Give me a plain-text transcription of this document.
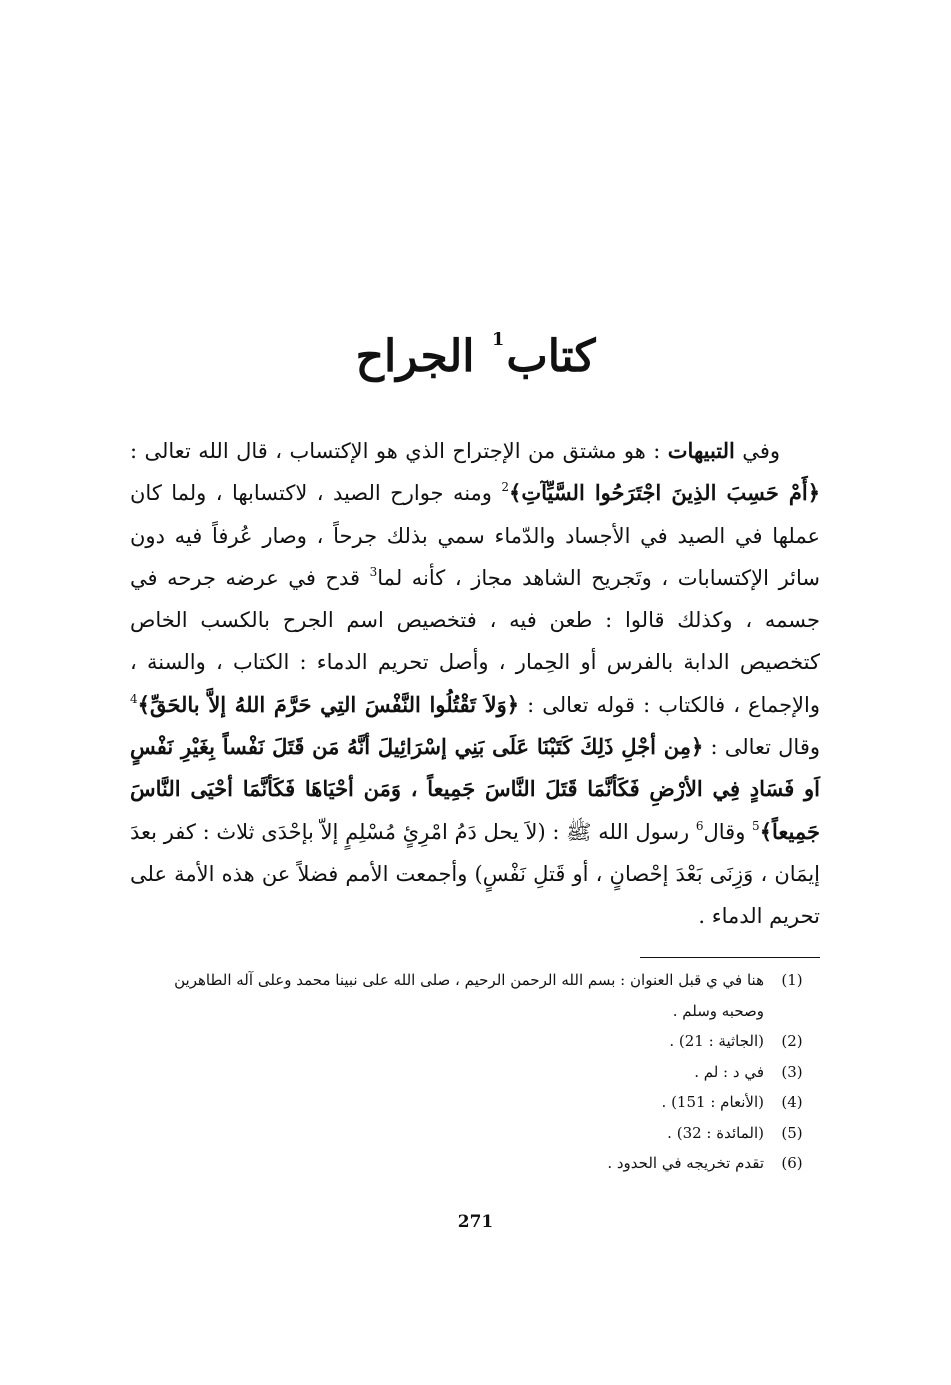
كتاب$^1$ الجراح

وفي التبيهات : هو مشتق من الإجتراح الذي هو الإكتساب ، قال الله تعالى : ﴿أَمْ حَسِبَ الذِينَ اجْتَرَحُوا السَّيِّآتِ﴾$^2$ ومنه جوارح الصيد ، لاكتسابها ، ولما كان عملها في الصيد في الأجساد والدّماء سمي بذلك جرحاً ، وصار عُرفاً فيه دون سائر الإكتسابات ، وتَجريح الشاهد مجاز ، كأنه لما$^3$ قدح في عرضه جرحه في جسمه ، وكذلك قالوا : طعن فيه ، فتخصيص اسم الجرح بالكسب الخاص كتخصيص الدابة بالفرس أو الحِمار ، وأصل تحريم الدماء : الكتاب ، والسنة ، والإجماع ، فالكتاب : قوله تعالى : ﴿وَلاَ تَقْتُلُوا النَّفْسَ التِي حَرَّمَ اللهُ إلاَّ بالحَقِّ﴾$^4$ وقال تعالى : ﴿مِن أجْلِ ذَلِكَ كَتَبْنَا عَلَى بَنِي إسْرَائِيلَ أنَّهُ مَن قَتَلَ نَفْساً بِغَيْرِ نَفْسٍ اَو فَسَادٍ فِي الأرْضِ فَكَأنَّمَا قَتَلَ النَّاسَ جَمِيعاً ، وَمَن أحْيَاهَا فَكَأنَّمَا أحْيَى النَّاسَ جَمِيعاً﴾$^5$ وقال$^6$ رسول الله ﷺ : (لاَ يحل دَمُ امْرِئٍ مُسْلِمٍ إلاّ بإحْدَى ثلاث : كفر بعدَ إيمَان ، وَزِنَى بَعْدَ إحْصانٍ ، أو قَتلِ نَفْسٍ) وأجمعت الأمم فضلاً عن هذه الأمة على تحريم الدماء .

(1)
هنا في ي قبل العنوان : بسم الله الرحمن الرحيم ، صلى الله على نبينا محمد وعلى آله الطاهرين وصحبه وسلم .
(2)
(الجاثية : 21) .
(3)
في د : لم .
(4)
(الأنعام : 151) .
(5)
(المائدة : 32) .
(6)
تقدم تخريجه في الحدود .
271
